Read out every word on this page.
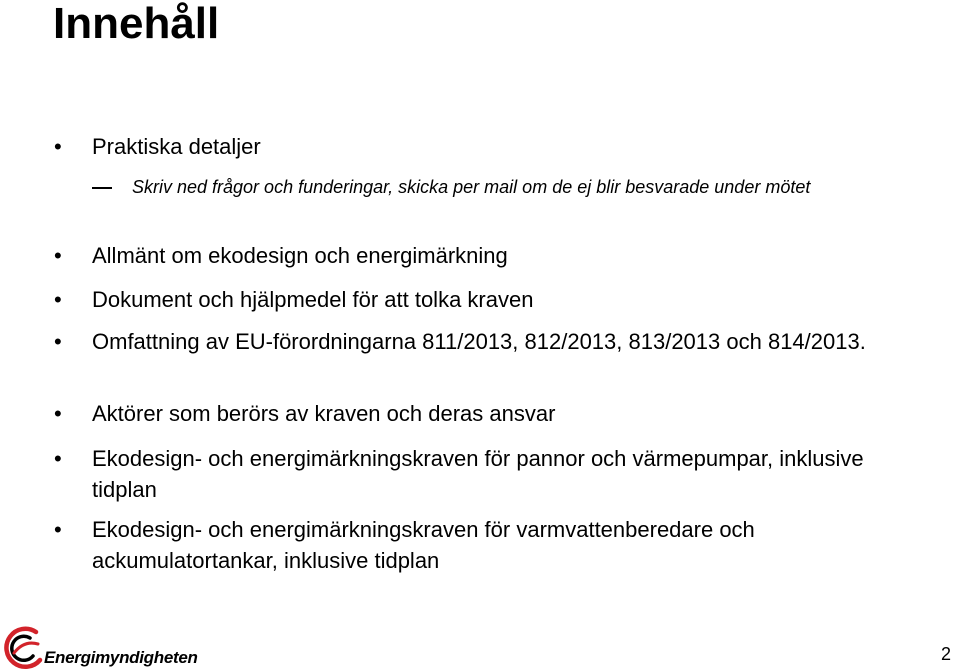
Innehåll
• Praktiska detaljer
Skriv ned frågor och funderingar, skicka per mail om de ej blir besvarade under mötet
• Allmänt om ekodesign och energimärkning
• Dokument och hjälpmedel för att tolka kraven
• Omfattning av EU-förordningarna 811/2013, 812/2013, 813/2013 och 814/2013.
• Aktörer som berörs av kraven och deras ansvar
• Ekodesign- och energimärkningskraven för pannor och värmepumpar, inklusive tidplan
• Ekodesign- och energimärkningskraven för varmvattenberedare och ackumulatortankar, inklusive tidplan
Energimyndigheten	2
